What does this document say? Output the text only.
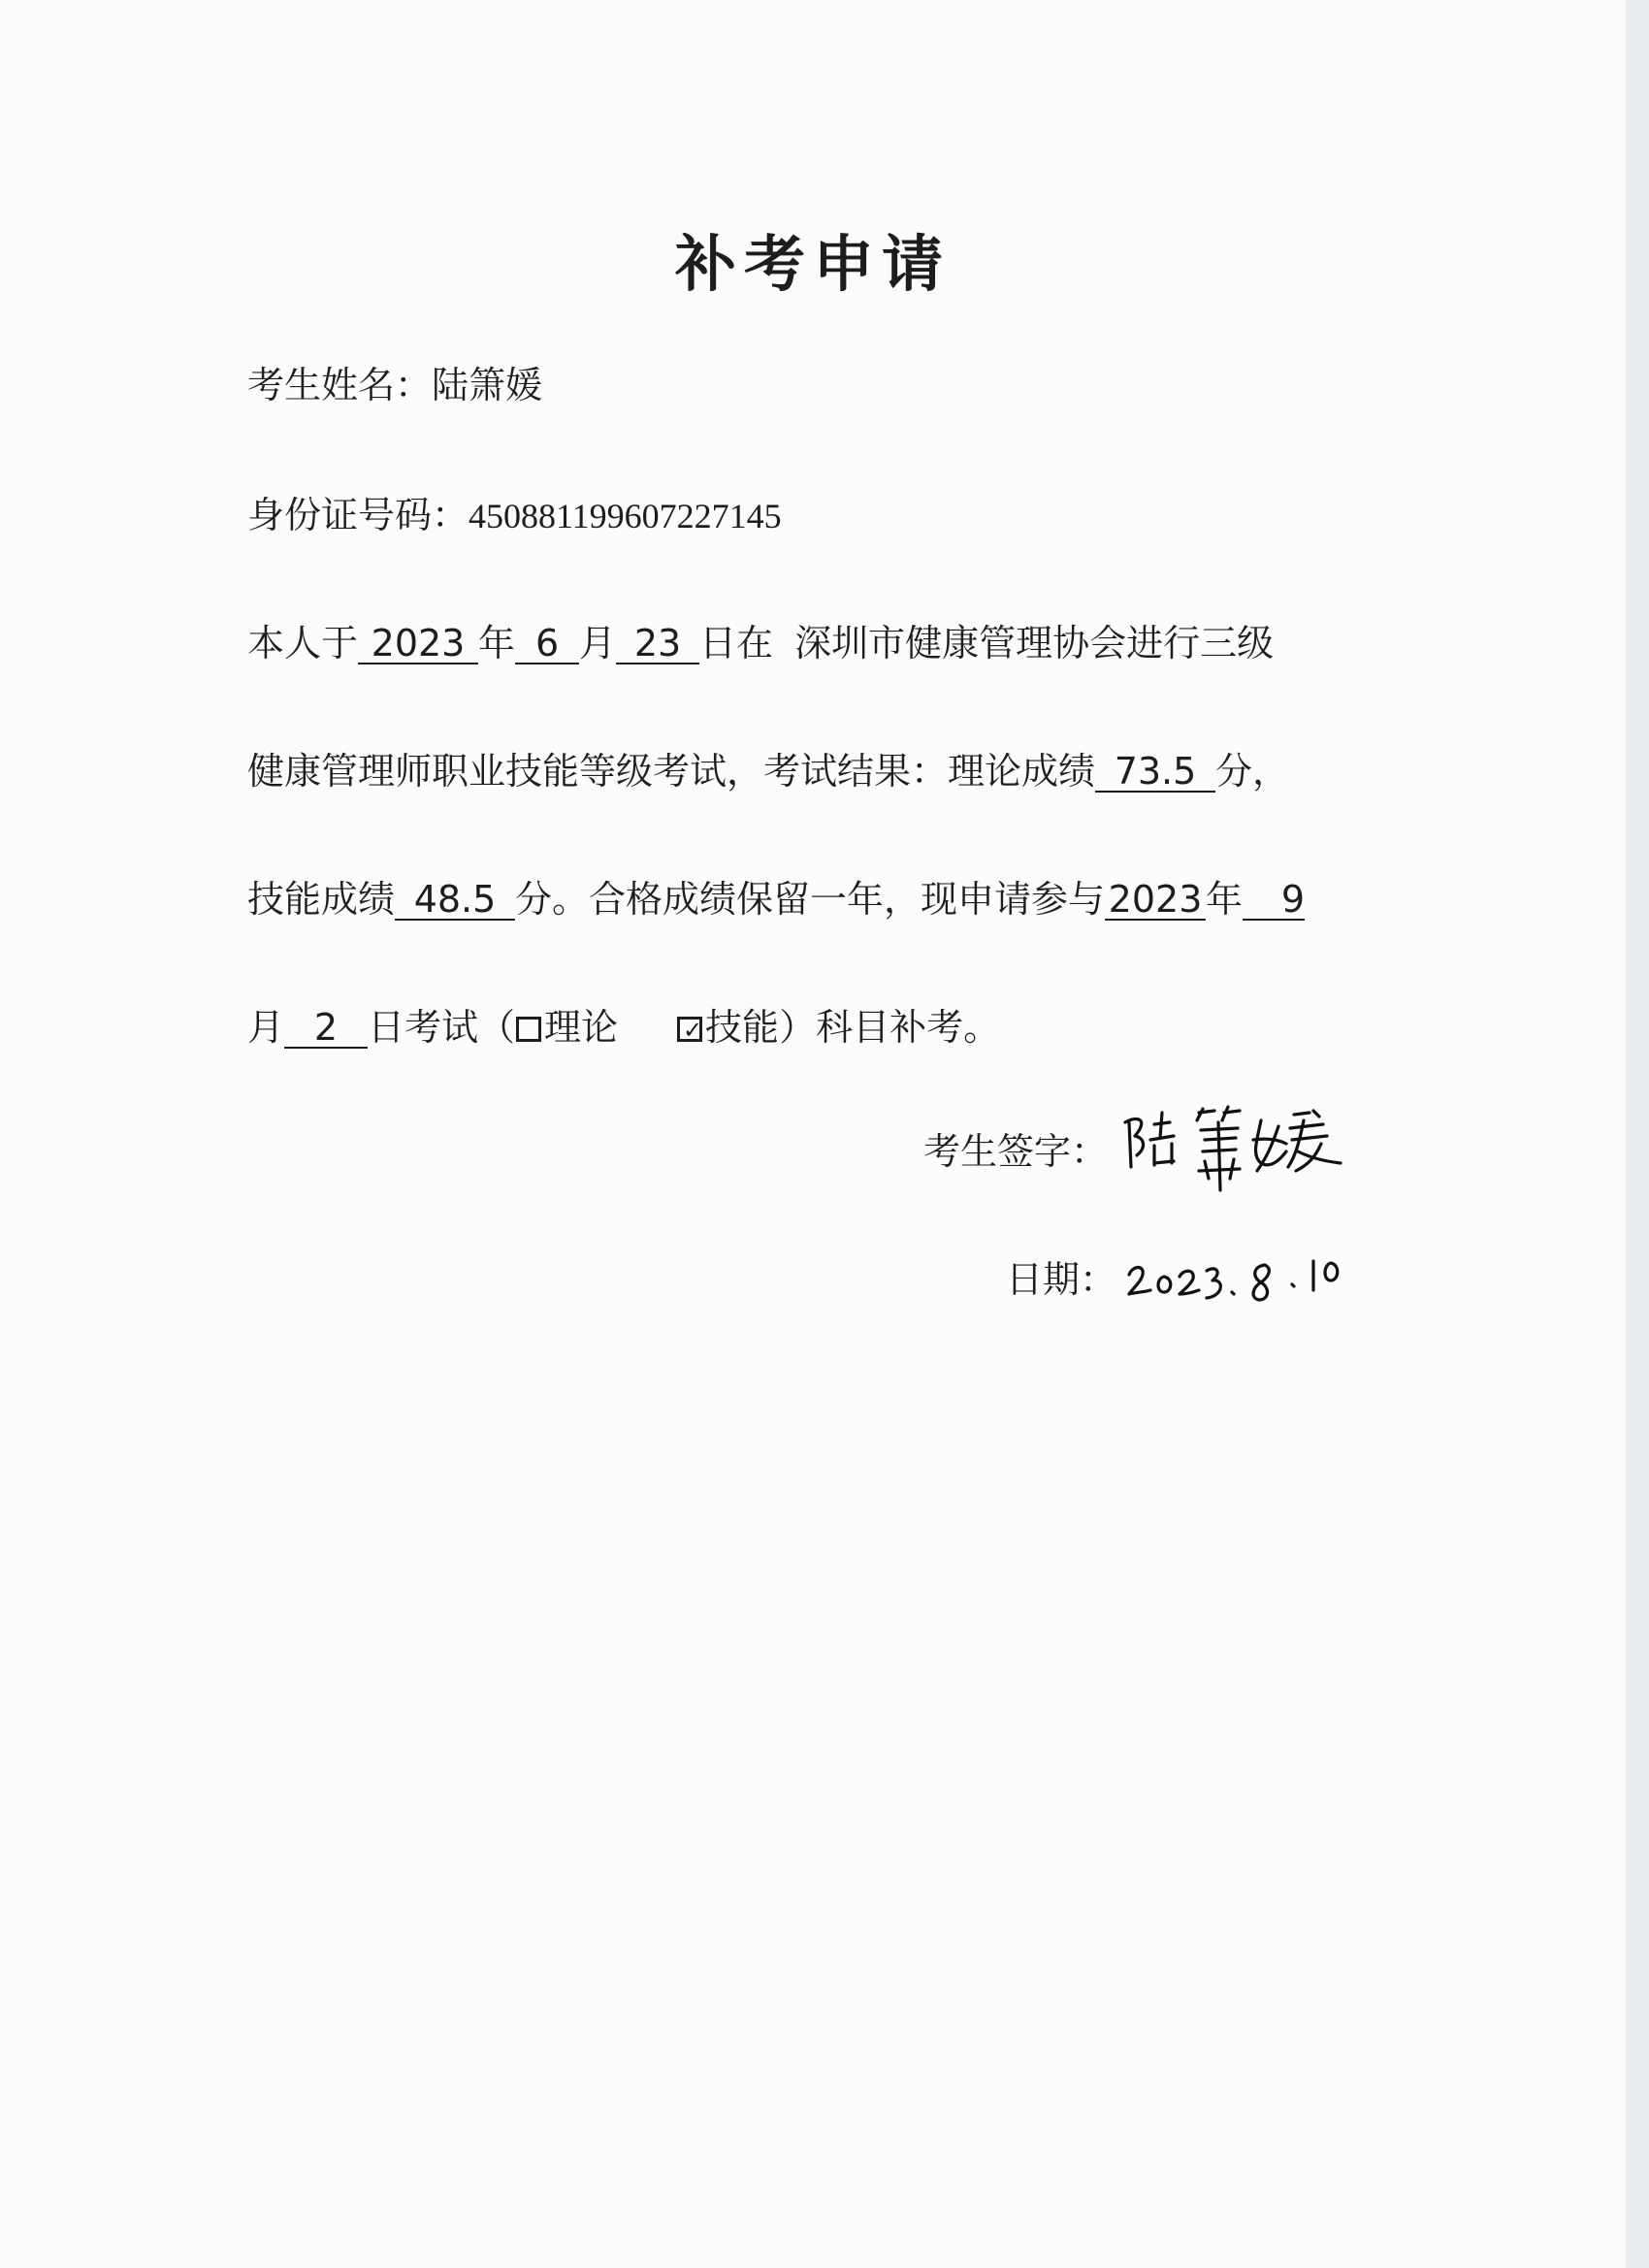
补考申请
考生姓名：陆箫媛
身份证号码：450881199607227145
本人于 2023 年 6 月 23 日在 深圳市健康管理协会进行三级
健康管理师职业技能等级考试，考试结果：理论成绩 73.5 分，
技能成绩 48.5 分。合格成绩保留一年，现申请参与2023年 9
月 2 日考试（ 理论	✓ 技能）科目补考。
考生签字：
日期：
